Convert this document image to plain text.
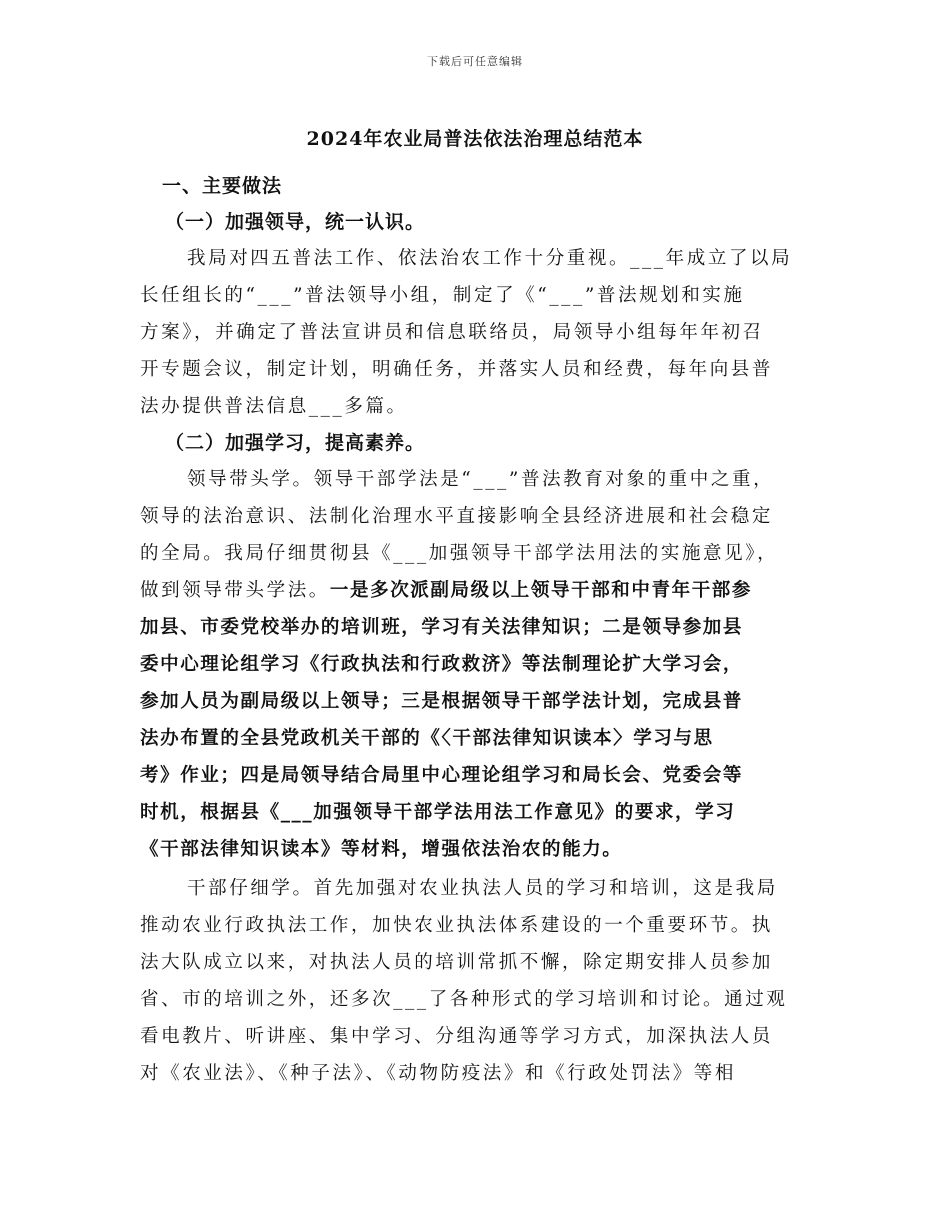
下载后可任意编辑
2024年农业局普法依法治理总结范本
一、主要做法
（一）加强领导，统一认识。
我局对四五普法工作、依法治农工作十分重视。___年成立了以局
长任组长的“___”普法领导小组，制定了《“___”普法规划和实施
方案》，并确定了普法宣讲员和信息联络员，局领导小组每年年初召
开专题会议，制定计划，明确任务，并落实人员和经费，每年向县普
法办提供普法信息___多篇。
（二）加强学习，提高素养。
领导带头学。领导干部学法是“___”普法教育对象的重中之重，
领导的法治意识、法制化治理水平直接影响全县经济进展和社会稳定
的全局。我局仔细贯彻县《___加强领导干部学法用法的实施意见》，
做到领导带头学法。一是多次派副局级以上领导干部和中青年干部参
加县、市委党校举办的培训班，学习有关法律知识；二是领导参加县
委中心理论组学习《行政执法和行政救济》等法制理论扩大学习会，
参加人员为副局级以上领导；三是根据领导干部学法计划，完成县普
法办布置的全县党政机关干部的《〈干部法律知识读本〉学习与思
考》作业；四是局领导结合局里中心理论组学习和局长会、党委会等
时机，根据县《___加强领导干部学法用法工作意见》的要求，学习
《干部法律知识读本》等材料，增强依法治农的能力。
干部仔细学。首先加强对农业执法人员的学习和培训，这是我局
推动农业行政执法工作，加快农业执法体系建设的一个重要环节。执
法大队成立以来，对执法人员的培训常抓不懈，除定期安排人员参加
省、市的培训之外，还多次___了各种形式的学习培训和讨论。通过观
看电教片、听讲座、集中学习、分组沟通等学习方式，加深执法人员
对《农业法》、《种子法》、《动物防疫法》和《行政处罚法》等相
